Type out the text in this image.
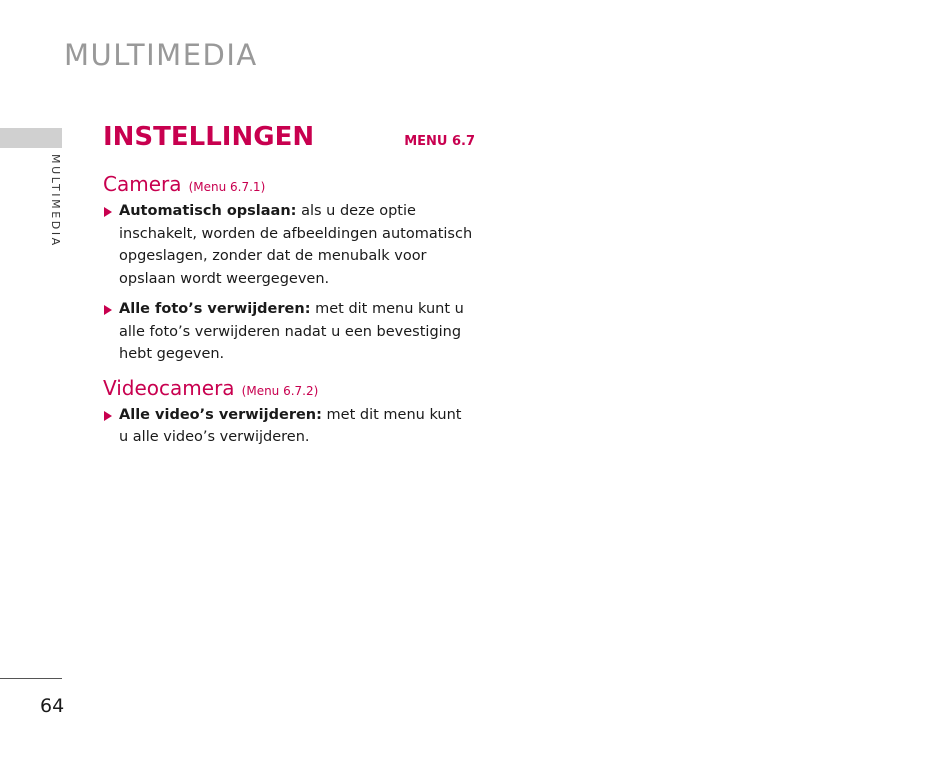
MULTIMEDIA
MULTIMEDIA
64
INSTELLINGEN	MENU 6.7
Camera (Menu 6.7.1)
Automatisch opslaan: als u deze optie inschakelt, worden de afbeeldingen automatisch opgeslagen, zonder dat de menubalk voor opslaan wordt weergegeven.
Alle foto’s verwijderen: met dit menu kunt u alle foto’s verwijderen nadat u een bevestiging hebt gegeven.
Videocamera (Menu 6.7.2)
Alle video’s verwijderen: met dit menu kunt u alle video’s verwijderen.
